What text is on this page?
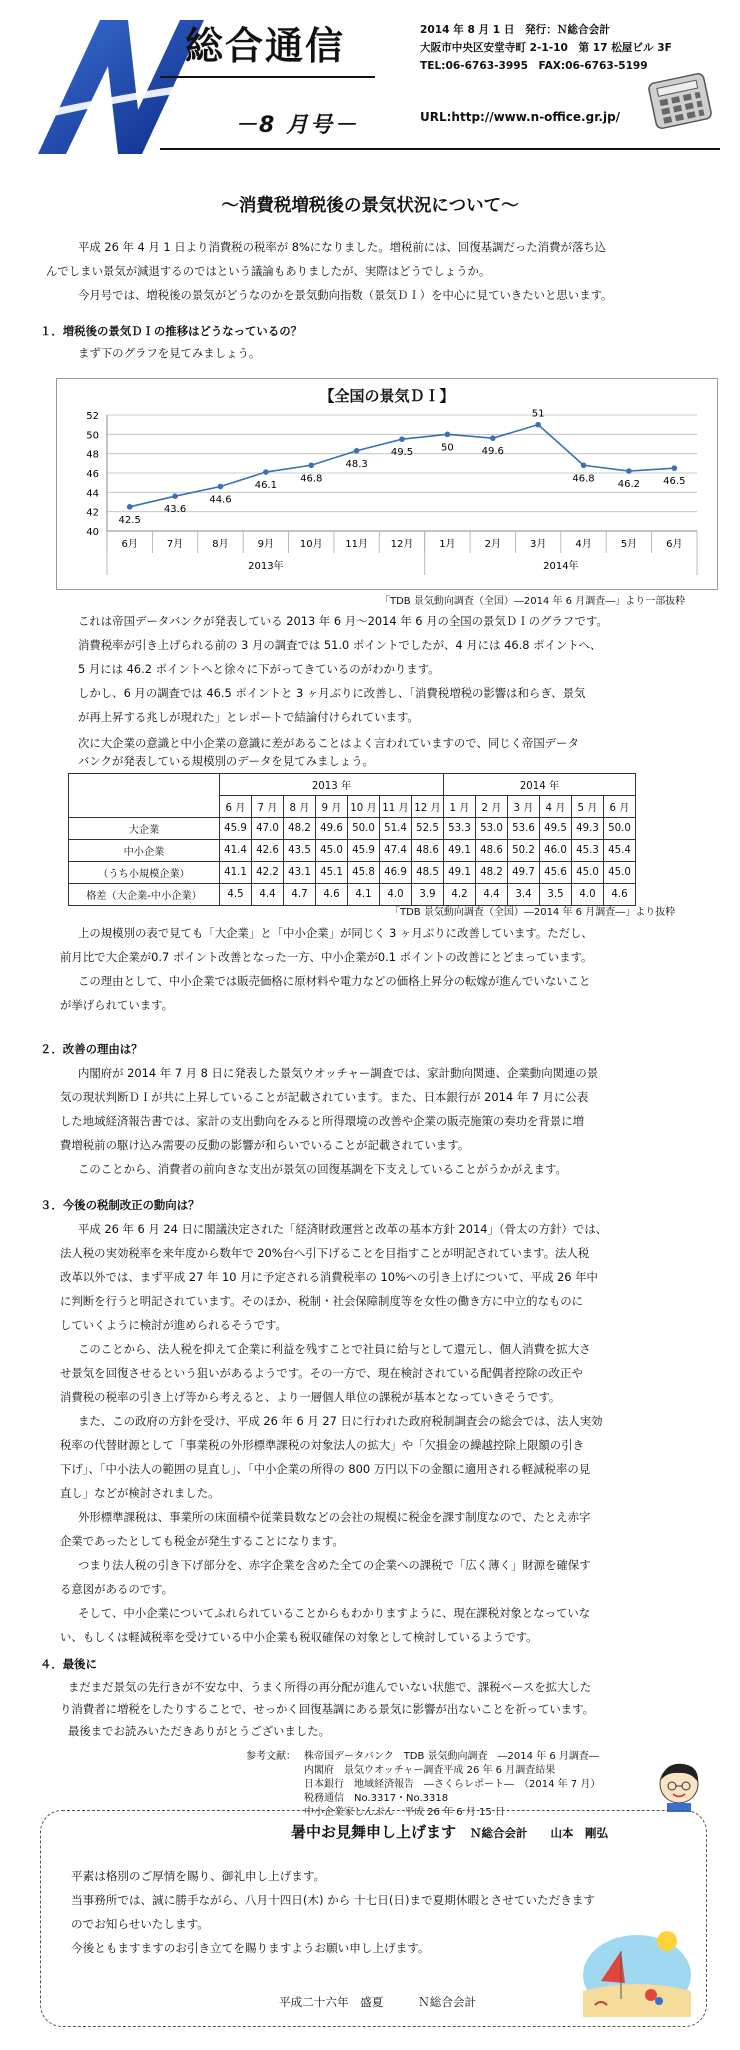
総合通信
－8 月号－
2014 年 8 月 1 日　発行：Ｎ総合会計
大阪市中央区安堂寺町 2-1-10　第 17 松屋ビル 3F
TEL:06-6763-3995　FAX:06-6763-5199
URL:http://www.n-office.gr.jp/
～消費税増税後の景気状況について～
平成 26 年 4 月 1 日より消費税の税率が 8%になりました。増税前には、回復基調だった消費が落ち込
んでしまい景気が減退するのではという議論もありましたが、実際はどうでしょうか。
今月号では、増税後の景気がどうなのかを景気動向指数（景気ＤＩ）を中心に見ていきたいと思います。
１．増税後の景気ＤＩの推移はどうなっているの？
まず下のグラフを見てみましょう。
【全国の景気ＤＩ】
40
42
44
46
48
50
52
6月	7月	8月	9月	10月 11月 12月	1月	2月	3月	4月	5月	6月
2013年	2014年
42.5
43.6
44.6
46.1
46.8
48.3
49.5	50	49.6
51
46.8
46.2 46.5
「TDB 景気動向調査（全国）―2014 年 6 月調査―」より一部抜粋
これは帝国データバンクが発表している 2013 年 6 月～2014 年 6 月の全国の景気ＤＩのグラフです。
消費税率が引き上げられる前の 3 月の調査では 51.0 ポイントでしたが、4 月には 46.8 ポイントへ、
5 月には 46.2 ポイントへと徐々に下がってきているのがわかります。
しかし、6 月の調査では 46.5 ポイントと 3 ヶ月ぶりに改善し、「消費税増税の影響は和らぎ、景気
が再上昇する兆しが現れた」とレポートで結論付けられています。
次に大企業の意識と中小企業の意識に差があることはよく言われていますので、同じく帝国データ
バンクが発表している規模別のデータを見てみましょう。
	2013 年							2014 年					
	6 月	7 月	8 月	9 月	10 月	11 月	12 月	1 月	2 月	3 月	4 月	5 月	6 月
大企業	45.9	47.0	48.2	49.6	50.0	51.4	52.5	53.3	53.0	53.6	49.5	49.3	50.0
中小企業	41.4	42.6	43.5	45.0	45.9	47.4	48.6	49.1	48.6	50.2	46.0	45.3	45.4
（うち小規模企業）	41.1	42.2	43.1	45.1	45.8	46.9	48.5	49.1	48.2	49.7	45.6	45.0	45.0
格差（大企業-中小企業）	4.5	4.4	4.7	4.6	4.1	4.0	3.9	4.2	4.4	3.4	3.5	4.0	4.6
「TDB 景気動向調査（全国）―2014 年 6 月調査―」より抜粋
上の規模別の表で見ても「大企業」と「中小企業」が同じく 3 ヶ月ぶりに改善しています。ただし、
前月比で大企業が0.7 ポイント改善となった一方、中小企業が0.1 ポイントの改善にとどまっています。
この理由として、中小企業では販売価格に原材料や電力などの価格上昇分の転嫁が進んでいないこと
が挙げられています。
２．改善の理由は？
内閣府が 2014 年 7 月 8 日に発表した景気ウオッチャー調査では、家計動向関連、企業動向関連の景
気の現状判断ＤＩが共に上昇していることが記載されています。また、日本銀行が 2014 年 7 月に公表
した地域経済報告書では、家計の支出動向をみると所得環境の改善や企業の販売施策の奏功を背景に増
費増税前の駆け込み需要の反動の影響が和らいでいることが記載されています。
このことから、消費者の前向きな支出が景気の回復基調を下支えしていることがうかがえます。
３．今後の税制改正の動向は？
平成 26 年 6 月 24 日に閣議決定された「経済財政運営と改革の基本方針 2014」（骨太の方針）では、
法人税の実効税率を来年度から数年で 20%台へ引下げることを目指すことが明記されています。法人税
改革以外では、まず平成 27 年 10 月に予定される消費税率の 10%への引き上げについて、平成 26 年中
に判断を行うと明記されています。そのほか、税制・社会保障制度等を女性の働き方に中立的なものに
していくように検討が進められるそうです。
このことから、法人税を抑えて企業に利益を残すことで社員に給与として還元し、個人消費を拡大さ
せ景気を回復させるという狙いがあるようです。その一方で、現在検討されている配偶者控除の改正や
消費税の税率の引き上げ等から考えると、より一層個人単位の課税が基本となっていきそうです。
また、この政府の方針を受け、平成 26 年 6 月 27 日に行われた政府税制調査会の総会では、法人実効
税率の代替財源として「事業税の外形標準課税の対象法人の拡大」や「欠損金の繰越控除上限額の引き
下げ」、「中小法人の範囲の見直し」、「中小企業の所得の 800 万円以下の金額に適用される軽減税率の見
直し」などが検討されました。
外形標準課税は、事業所の床面積や従業員数などの会社の規模に税金を課す制度なので、たとえ赤字
企業であったとしても税金が発生することになります。
つまり法人税の引き下げ部分を、赤字企業を含めた全ての企業への課税で「広く薄く」財源を確保す
る意図があるのです。
そして、中小企業についてふれられていることからもわかりますように、現在課税対象となっていな
い、もしくは軽減税率を受けている中小企業も税収確保の対象として検討しているようです。
４．最後に
まだまだ景気の先行きが不安な中、うまく所得の再分配が進んでいない状態で、課税ベースを拡大した
り消費者に増税をしたりすることで、せっかく回復基調にある景気に影響が出ないことを祈っています。
最後までお読みいただきありがとうございました。
参考文献： 株帝国データバンク　TDB 景気動向調査　―2014 年 6 月調査―
内閣府　景気ウオッチャー調査平成 26 年 6 月調査結果
日本銀行　地域経済報告　―さくらレポート―　（2014 年 7 月）
税務通信　No.3317・No.3318
中小企業家しんぶん　平成 26 年 6 月 15 日
Ｎ総合会計　　山本　剛弘
暑中お見舞申し上げます
平素は格別のご厚情を賜り、御礼申し上げます。
当事務所では、誠に勝手ながら、八月十四日(木) から 十七日(日)まで夏期休暇とさせていただきます
のでお知らせいたします。
今後ともますますのお引き立てを賜りますようお願い申し上げます。
平成二十六年　盛夏　　　Ｎ総合会計
